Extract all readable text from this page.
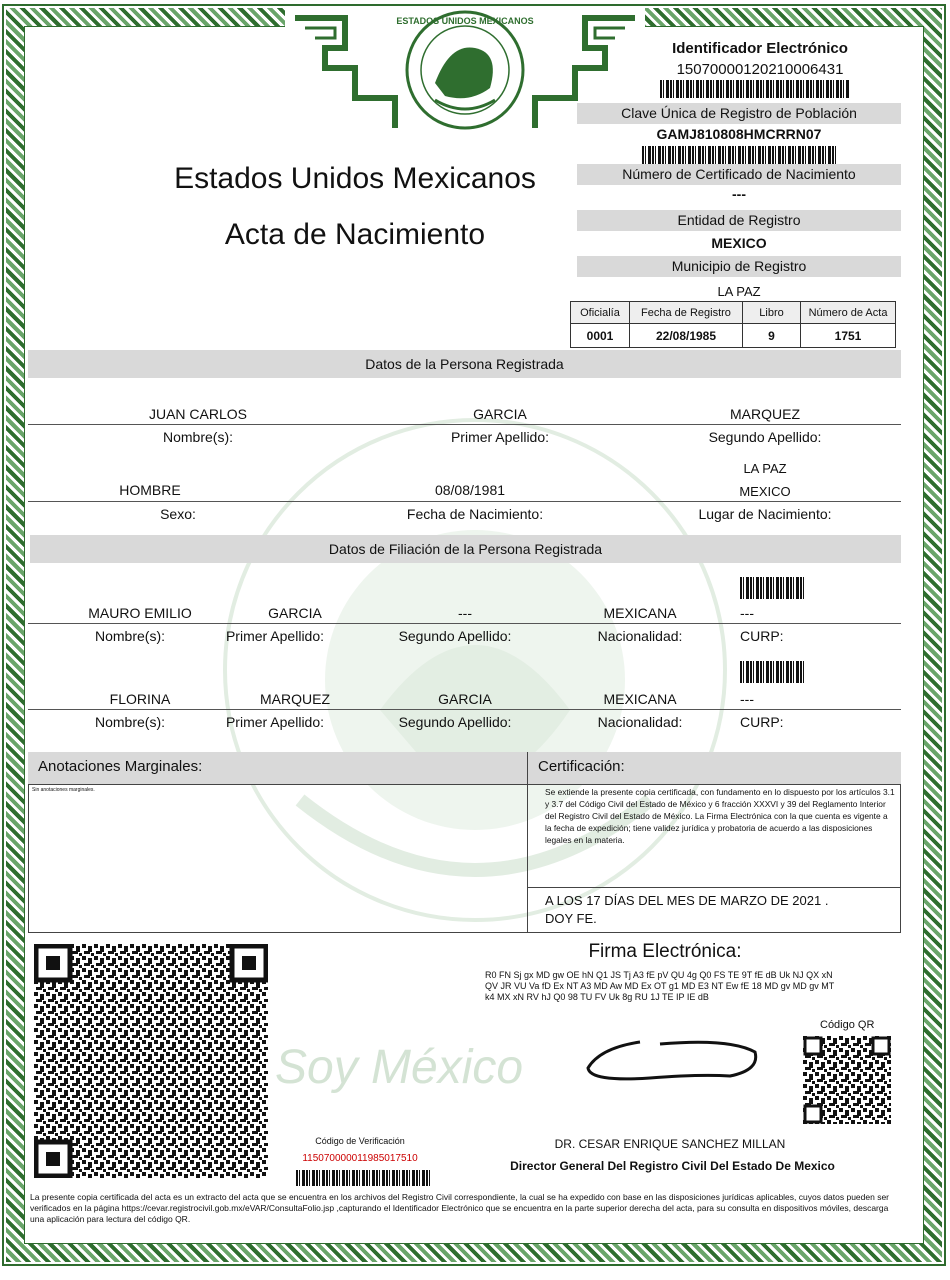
ESTADOS UNIDOS MEXICANOS
Estados Unidos Mexicanos
Acta de Nacimiento
Identificador Electrónico
15070000120210006431
Clave Única de Registro de Población
GAMJ810808HMCRRN07
Número de Certificado de Nacimiento
---
Entidad de Registro
MEXICO
Municipio de Registro
LA PAZ
Oficialía	Fecha de Registro	Libro	Número de Acta
0001	22/08/1985	9	1751
Datos de la Persona Registrada
JUAN CARLOS	GARCIA	MARQUEZ
Nombre(s):	Primer Apellido:	Segundo Apellido:
LA PAZ
HOMBRE	08/08/1981	MEXICO
Sexo:	Fecha de Nacimiento:	Lugar de Nacimiento:
Datos de Filiación de la Persona Registrada
MAURO EMILIO	GARCIA	---	MEXICANA	---
Nombre(s):	Primer Apellido:	Segundo Apellido:	Nacionalidad:	CURP:
FLORINA	MARQUEZ	GARCIA	MEXICANA	---
Nombre(s):	Primer Apellido:	Segundo Apellido:	Nacionalidad:	CURP:
Anotaciones Marginales:	Certificación:
Sin anotaciones marginales.	Se extiende la presente copia certificada, con fundamento en lo dispuesto por los artículos 3.1 y 3.7 del Código Civil del Estado de México y 6 fracción XXXVI y 39 del Reglamento Interior del Registro Civil del Estado de México. La Firma Electrónica con la que cuenta es vigente a la fecha de expedición; tiene validez jurídica y probatoria de acuerdo a las disposiciones legales en la materia.
A LOS 17 DÍAS DEL MES DE MARZO DE 2021 .
DOY FE.
Firma Electrónica:
R0 FN Sj gx MD gw OE hN Q1 JS Tj A3 fE pV QU 4g Q0 FS TE 9T fE dB Uk NJ QX xN QV JR VU Va fD Ex NT A3 MD Aw MD Ex OT g1 MD E3 NT Ew fE 18 MD gv MD gv MT k4 MX xN RV hJ Q0 98 TU FV Uk 8g RU 1J TE IP IE dB
Código QR
Soy México
DR. CESAR ENRIQUE SANCHEZ MILLAN
Director General Del Registro Civil Del Estado De Mexico
Código de Verificación
115070000011985017510
La presente copia certificada del acta es un extracto del acta que se encuentra en los archivos del Registro Civil correspondiente, la cual se ha expedido con base en las disposiciones jurídicas aplicables, cuyos datos pueden ser verificados en la página https://cevar.registrocivil.gob.mx/eVAR/ConsultaFolio.jsp ,capturando el Identificador Electrónico que se encuentra en la parte superior derecha del acta, para su consulta en dispositivos móviles, descarga una aplicación para lectura del código QR.
